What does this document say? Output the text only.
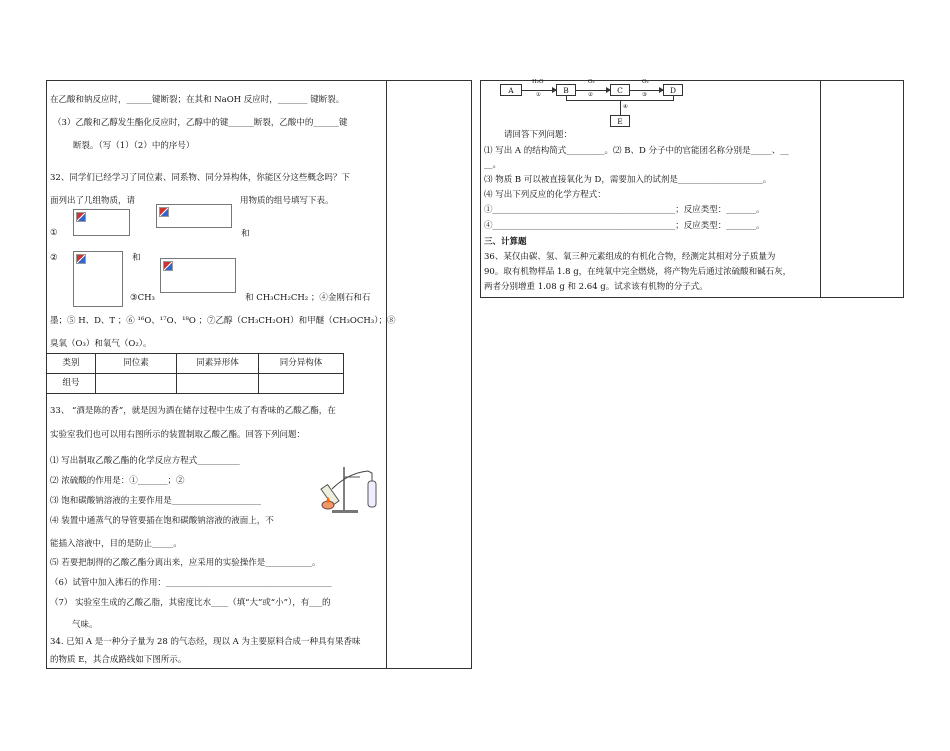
在乙酸和钠反应时，______键断裂；在其和 NaOH 反应时，_______ 键断裂。
（3）乙酸和乙醇发生酯化反应时，乙醇中的键______断裂，乙酸中的______键
断裂。（写（1）（2）中的序号）
32、同学们已经学习了同位素、同系物、同分异构体，你能区分这些概念吗？下
面列出了几组物质，请	用物质的组号填写下表。
①	和
②	和
③CH₃	和 CH₃CH₂CH₂ ；④金刚石和石
墨；⑤ H、D、T ；⑥ ¹⁶O、¹⁷O、¹⁸O ；⑦乙醇（CH₃CH₂OH）和甲醚（CH₃OCH₃）；⑧
臭氧（O₃）和氧气（O₂）。
类别	同位素	同素异形体	同分异构体
组号			
33、 “酒是陈的香”，就是因为酒在储存过程中生成了有香味的乙酸乙酯，在
实验室我们也可以用右图所示的装置制取乙酸乙酯。回答下列问题：
⑴ 写出制取乙酸乙酯的化学反应方程式__________
⑵ 浓硫酸的作用是：①_______；②
⑶ 饱和碳酸钠溶液的主要作用是_____________________
⑷ 装置中通蒸气的导管要插在饱和碳酸钠溶液的液面上，不
能插入溶液中，目的是防止_____。
⑸ 若要把制得的乙酸乙酯分离出来，应采用的实验操作是___________。
（6）试管中加入沸石的作用：_______________________________________
（7） 实验室生成的乙酸乙脂，其密度比水____（填“大”或“小”），有___的
气味。
34. 已知 A 是一种分子量为 28 的气态烃，现以 A 为主要原料合成一种具有果香味
的物质 E，其合成路线如下图所示。
A
H₂O
①	B
O₂
②	C
O₂
③	D
④
E
请回答下列问题：
⑴ 写出 A 的结构简式_________。⑵ B、D 分子中的官能团名称分别是_____、__
__。
⑶ 物质 B 可以被直接氧化为 D，需要加入的试剂是____________________。
⑷ 写出下列反应的化学方程式：
①___________________________________________；反应类型：_______。
④___________________________________________；反应类型：_______。
三、计算题
36、某仅由碳、氢、氧三种元素组成的有机化合物，经测定其相对分子质量为
90。取有机物样品 1.8 g，在纯氧中完全燃烧，将产物先后通过浓硫酸和碱石灰，
两者分别增重 1.08 g 和 2.64 g。试求该有机物的分子式。
